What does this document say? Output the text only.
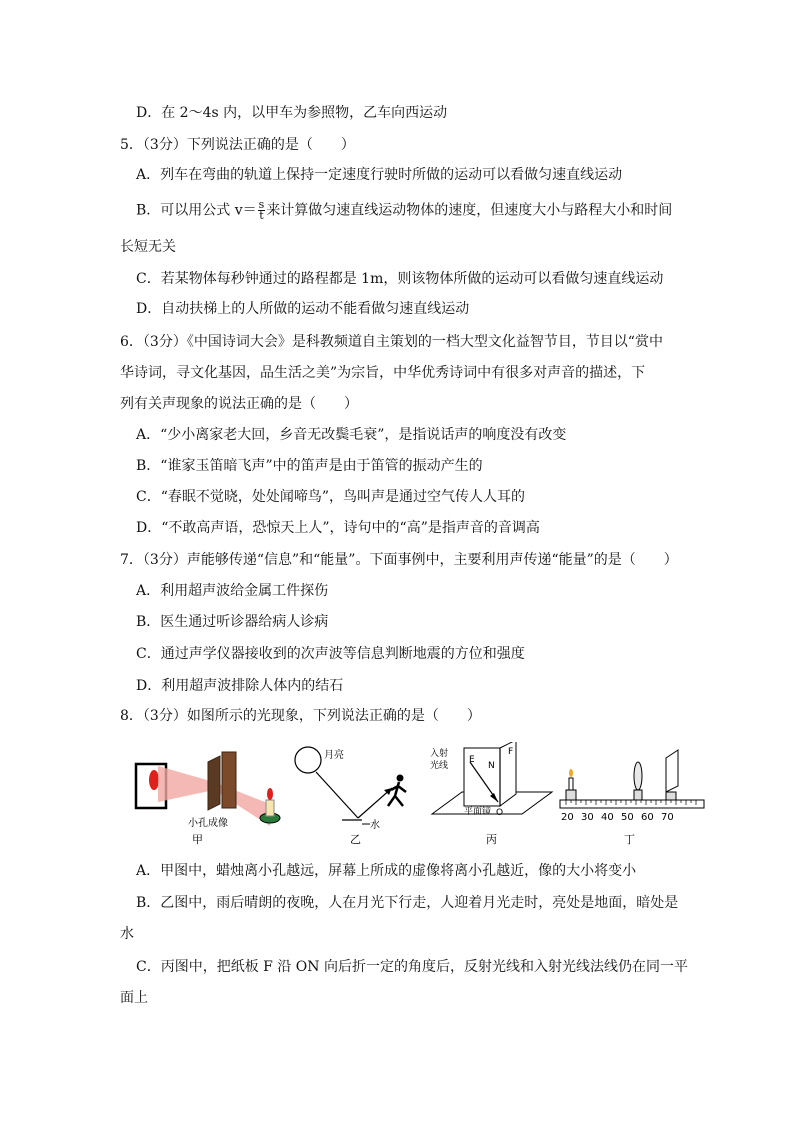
D．在 2～4s 内，以甲车为参照物，乙车向西运动
5．（3分）下列说法正确的是（　　）
A．列车在弯曲的轨道上保持一定速度行驶时所做的运动可以看做匀速直线运动
B．可以用公式 $v= \frac{s}{t}$ 来计算做匀速直线运动物体的速度，但速度大小与路程大小和时间
长短无关
C．若某物体每秒钟通过的路程都是 1m，则该物体所做的运动可以看做匀速直线运动
D．自动扶梯上的人所做的运动不能看做匀速直线运动
6．（3分）《中国诗词大会》是科教频道自主策划的一档大型文化益智节目，节目以“赏中
华诗词，寻文化基因，品生活之美”为宗旨，中华优秀诗词中有很多对声音的描述，下
列有关声现象的说法正确的是（　　）
A．“少小离家老大回，乡音无改鬓毛衰”，是指说话声的响度没有改变
B．“谁家玉笛暗飞声”中的笛声是由于笛管的振动产生的
C．“春眠不觉晓，处处闻啼鸟”，鸟叫声是通过空气传人人耳的
D．“不敢高声语，恐惊天上人”，诗句中的“高”是指声音的音调高
7．（3分）声能够传递“信息”和“能量”。下面事例中，主要利用声传递“能量”的是（　　）
A．利用超声波给金属工件探伤
B．医生通过听诊器给病人诊病
C．通过声学仪器接收到的次声波等信息判断地震的方位和强度
D．利用超声波排除人体内的结石
8．（3分）如图所示的光现象，下列说法正确的是（　　）
小孔成像
甲
月亮
水
乙
入射
光线
E
N
F
O
平面镜
丙
20 30 40 50 60 70
丁
A．甲图中，蜡烛离小孔越远，屏幕上所成的虚像将离小孔越近，像的大小将变小
B．乙图中，雨后晴朗的夜晚，人在月光下行走，人迎着月光走时，亮处是地面，暗处是
水
C．丙图中，把纸板 F 沿 ON 向后折一定的角度后，反射光线和入射光线法线仍在同一平
面上
